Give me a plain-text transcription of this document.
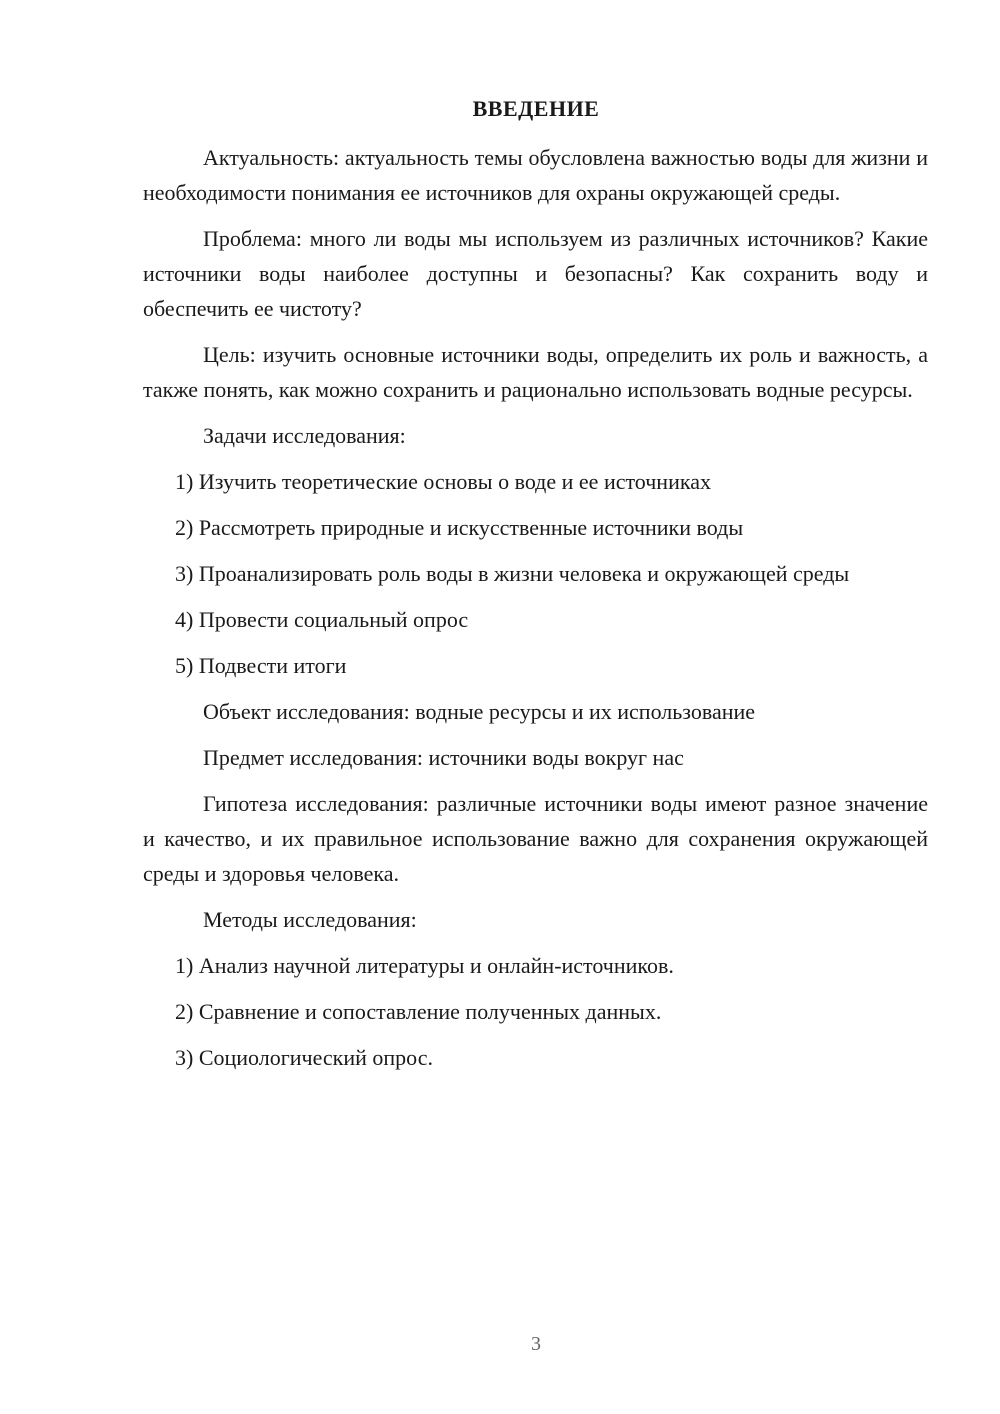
ВВЕДЕНИЕ

Актуальность: актуальность темы обусловлена важностью воды для жизни и необходимости понимания ее источников для охраны окружающей среды.

Проблема: много ли воды мы используем из различных источников? Какие источники воды наиболее доступны и безопасны? Как сохранить воду и обеспечить ее чистоту?

Цель: изучить основные источники воды, определить их роль и важность, а также понять, как можно сохранить и рационально использовать водные ресурсы.

Задачи исследования:

1) Изучить теоретические основы о воде и ее источниках

2) Рассмотреть природные и искусственные источники воды

3) Проанализировать роль воды в жизни человека и окружающей среды

4) Провести социальный опрос

5) Подвести итоги

Объект исследования: водные ресурсы и их использование

Предмет исследования: источники воды вокруг нас

Гипотеза исследования: различные источники воды имеют разное значение и качество, и их правильное использование важно для сохранения окружающей среды и здоровья человека.

Методы исследования:

1) Анализ научной литературы и онлайн-источников.

2) Сравнение и сопоставление полученных данных.

3) Социологический опрос.

3
